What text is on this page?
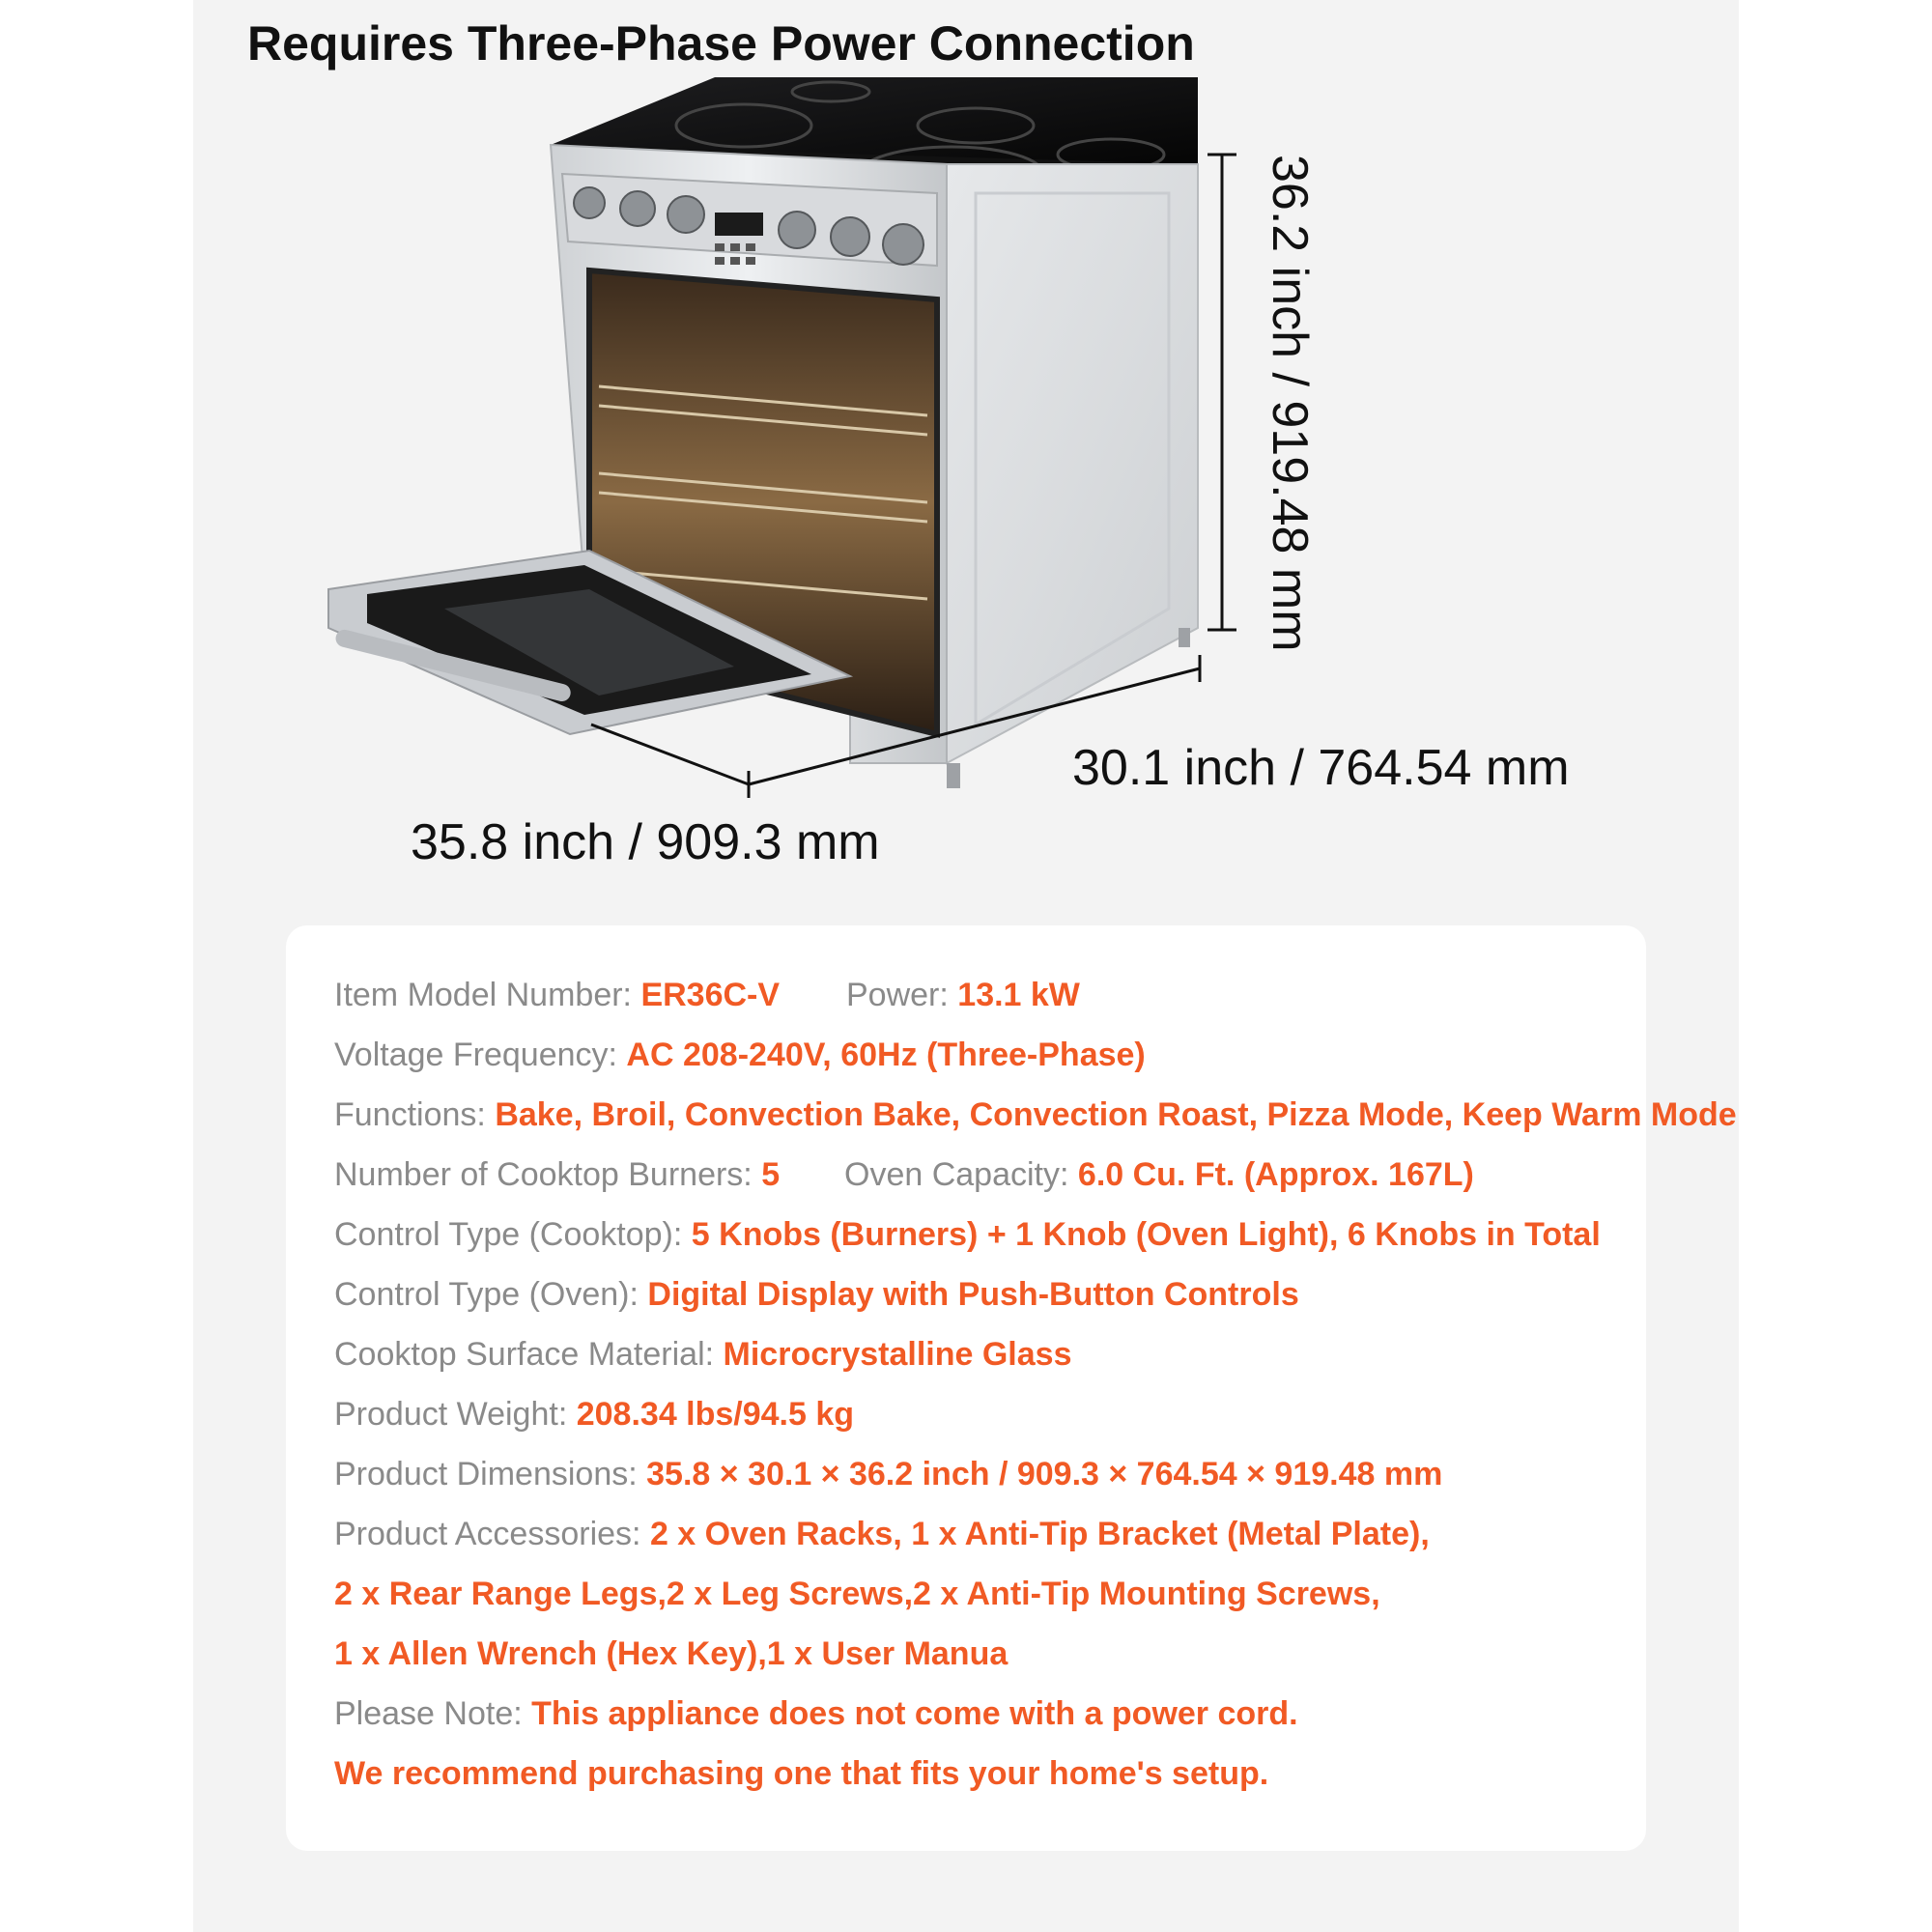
Requires Three-Phase Power Connection
36.2 inch / 919.48 mm
30.1 inch / 764.54 mm
35.8 inch / 909.3 mm
Item Model Number: ER36C-V Power: 13.1 kW
Voltage Frequency: AC 208-240V, 60Hz (Three-Phase)
Functions: Bake, Broil, Convection Bake, Convection Roast, Pizza Mode, Keep Warm Mode
Number of Cooktop Burners: 5 Oven Capacity: 6.0 Cu. Ft. (Approx. 167L)
Control Type (Cooktop): 5 Knobs (Burners) + 1 Knob (Oven Light), 6 Knobs in Total
Control Type (Oven): Digital Display with Push-Button Controls
Cooktop Surface Material: Microcrystalline Glass
Product Weight: 208.34 lbs/94.5 kg
Product Dimensions: 35.8 × 30.1 × 36.2 inch / 909.3 × 764.54 × 919.48 mm
Product Accessories: 2 x Oven Racks, 1 x Anti-Tip Bracket (Metal Plate),
2 x Rear Range Legs,2 x Leg Screws,2 x Anti-Tip Mounting Screws,
1 x Allen Wrench (Hex Key),1 x User Manua
Please Note: This appliance does not come with a power cord.
We recommend purchasing one that fits your home's setup.
